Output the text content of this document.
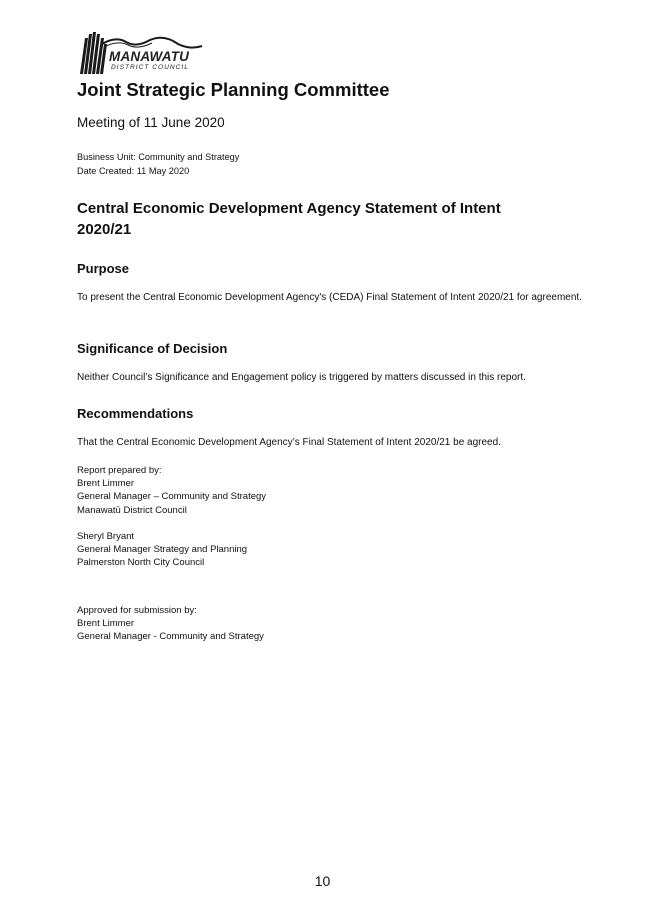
MANAWATU
DISTRICT COUNCIL
Joint Strategic Planning Committee
Meeting of 11 June 2020
Business Unit: Community and Strategy
Date Created: 11 May 2020
Central Economic Development Agency Statement of Intent 2020/21
Purpose
To present the Central Economic Development Agency's (CEDA) Final Statement of Intent 2020/21 for agreement.
Significance of Decision
Neither Council’s Significance and Engagement policy is triggered by matters discussed in this report.
Recommendations
That the Central Economic Development Agency’s Final Statement of Intent 2020/21 be agreed.
Report prepared by:
Brent Limmer
General Manager – Community and Strategy
Manawatū District Council
Sheryl Bryant
General Manager Strategy and Planning
Palmerston North City Council
Approved for submission by:
Brent Limmer
General Manager - Community and Strategy
10
